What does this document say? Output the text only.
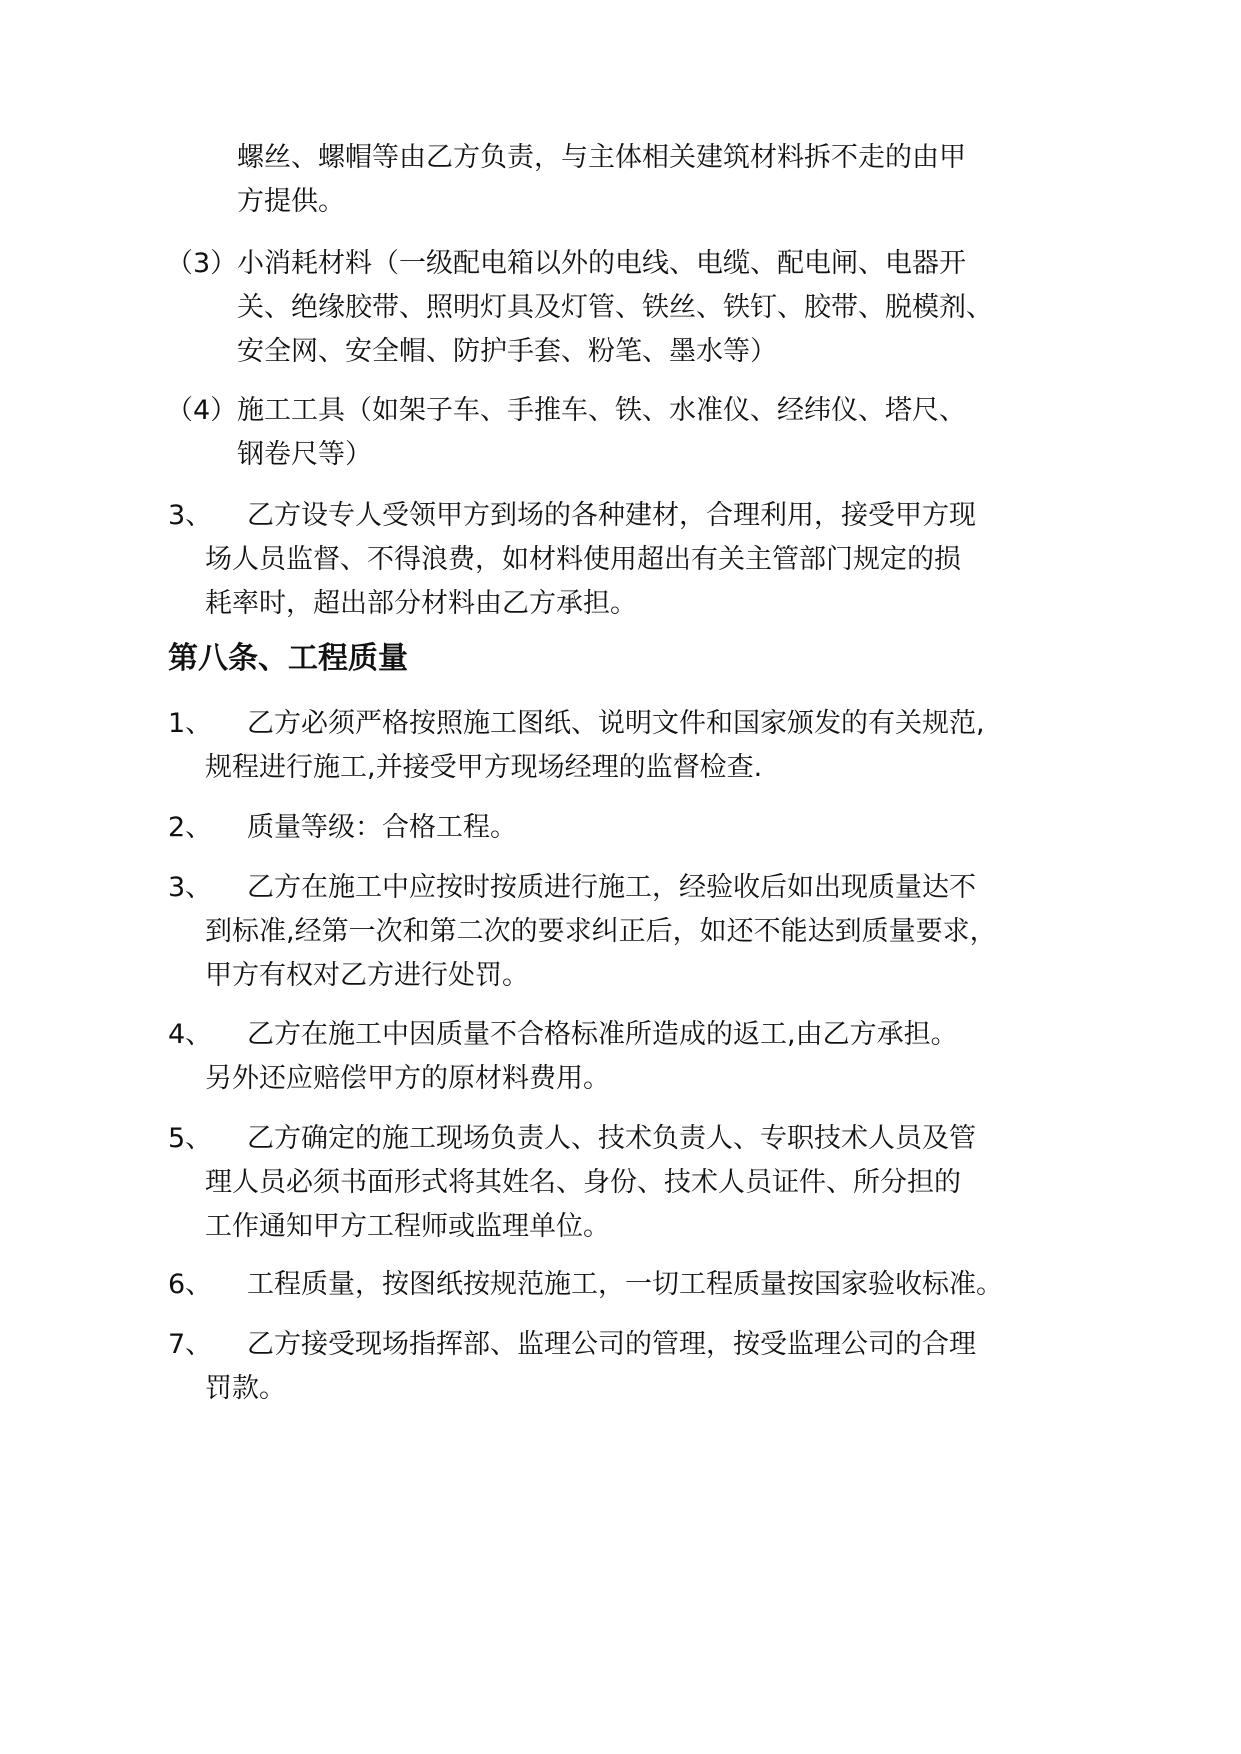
螺丝、螺帽等由乙方负责，与主体相关建筑材料拆不走的由甲
方提供。
（3） 小消耗材料（一级配电箱以外的电线、电缆、配电闸、电器开
关、绝缘胶带、照明灯具及灯管、铁丝、铁钉、胶带、脱模剂、
安全网、安全帽、防护手套、粉笔、墨水等）
（4） 施工工具（如架子车、手推车、铁、水准仪、经纬仪、塔尺、
钢卷尺等）
3、	乙方设专人受领甲方到场的各种建材，合理利用，接受甲方现
场人员监督、不得浪费，如材料使用超出有关主管部门规定的损
耗率时，超出部分材料由乙方承担。
第八条、工程质量
1、	乙方必须严格按照施工图纸、说明文件和国家颁发的有关规范,
规程进行施工,并接受甲方现场经理的监督检查.
2、	质量等级：合格工程。
3、	乙方在施工中应按时按质进行施工，经验收后如出现质量达不
到标准,经第一次和第二次的要求纠正后，如还不能达到质量要求，
甲方有权对乙方进行处罚。
4、	乙方在施工中因质量不合格标准所造成的返工,由乙方承担。
另外还应赔偿甲方的原材料费用。
5、	乙方确定的施工现场负责人、技术负责人、专职技术人员及管
理人员必须书面形式将其姓名、身份、技术人员证件、所分担的
工作通知甲方工程师或监理单位。
6、	工程质量，按图纸按规范施工，一切工程质量按国家验收标准。
7、	乙方接受现场指挥部、监理公司的管理，按受监理公司的合理
罚款。
